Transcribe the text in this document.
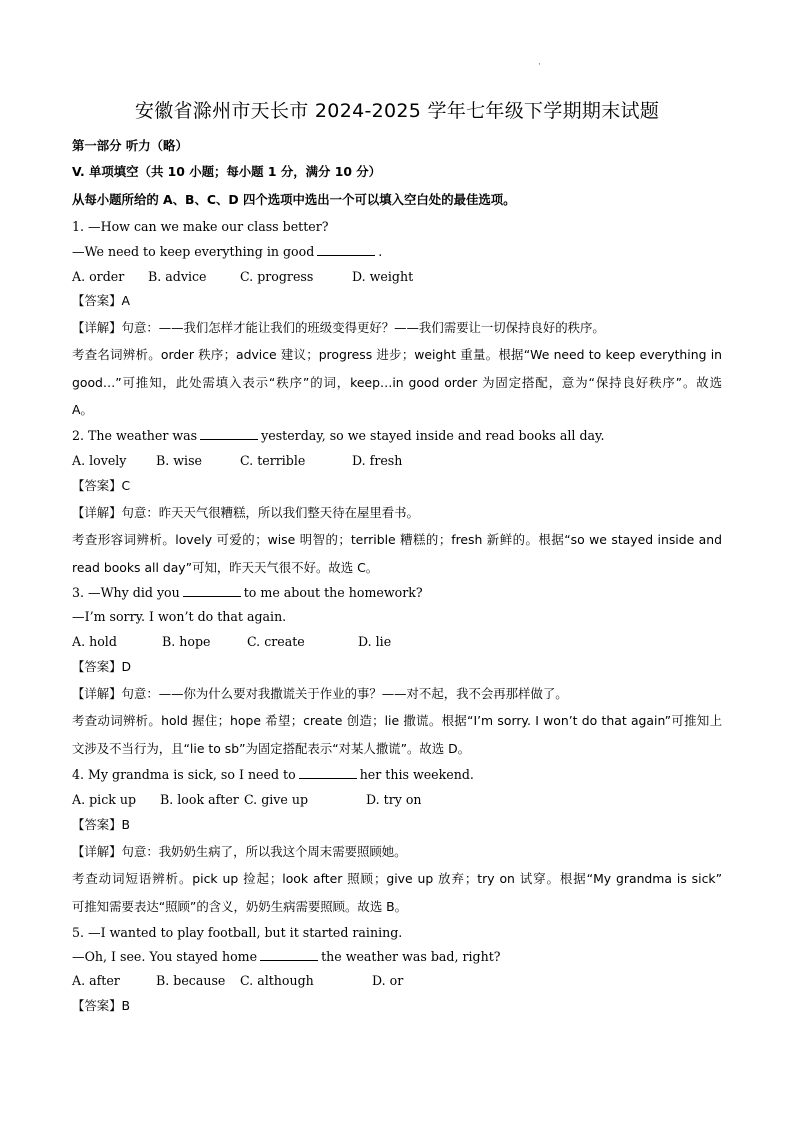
·
安徽省滁州市天长市 2024-2025 学年七年级下学期期末试题
第一部分 听力（略）
V. 单项填空（共 10 小题；每小题 1 分，满分 10 分）
从每小题所给的 A、B、C、D 四个选项中选出一个可以填入空白处的最佳选项。
1. —How can we make our class better?
—We need to keep everything in good	.
A. order B. advice	C. progress	D. weight
【答案】A
【详解】句意：——我们怎样才能让我们的班级变得更好？——我们需要让一切保持良好的秩序。
考查名词辨析。order 秩序；advice 建议；progress 进步；weight 重量。根据“We need to keep everything in
good…”可推知，此处需填入表示“秩序”的词，keep…in good order 为固定搭配，意为“保持良好秩序”。故选
A。
2. The weather was	yesterday, so we stayed inside and read books all day.
A. lovely B. wise	C. terrible	D. fresh
【答案】C
【详解】句意：昨天天气很糟糕，所以我们整天待在屋里看书。
考查形容词辨析。lovely 可爱的；wise 明智的；terrible 糟糕的；fresh 新鲜的。根据“so we stayed inside and
read books all day”可知，昨天天气很不好。故选 C。
3. —Why did you	to me about the homework?
—I’m sorry. I won’t do that again.
A. hold	B. hope	C. create	D. lie
【答案】D
【详解】句意：——你为什么要对我撒谎关于作业的事？——对不起，我不会再那样做了。
考查动词辨析。hold 握住；hope 希望；create 创造；lie 撒谎。根据“I’m sorry. I won’t do that again”可推知上
文涉及不当行为，且“lie to sb”为固定搭配表示“对某人撒谎”。故选 D。
4. My grandma is sick, so I need to	her this weekend.
A. pick up B. look after C. give up	D. try on
【答案】B
【详解】句意：我奶奶生病了，所以我这个周末需要照顾她。
考查动词短语辨析。pick up 捡起；look after 照顾；give up 放弃；try on 试穿。根据“My grandma is sick”
可推知需要表达“照顾”的含义，奶奶生病需要照顾。故选 B。
5. —I wanted to play football, but it started raining.
—Oh, I see. You stayed home	the weather was bad, right?
A. after	B. because C. although	D. or
【答案】B
